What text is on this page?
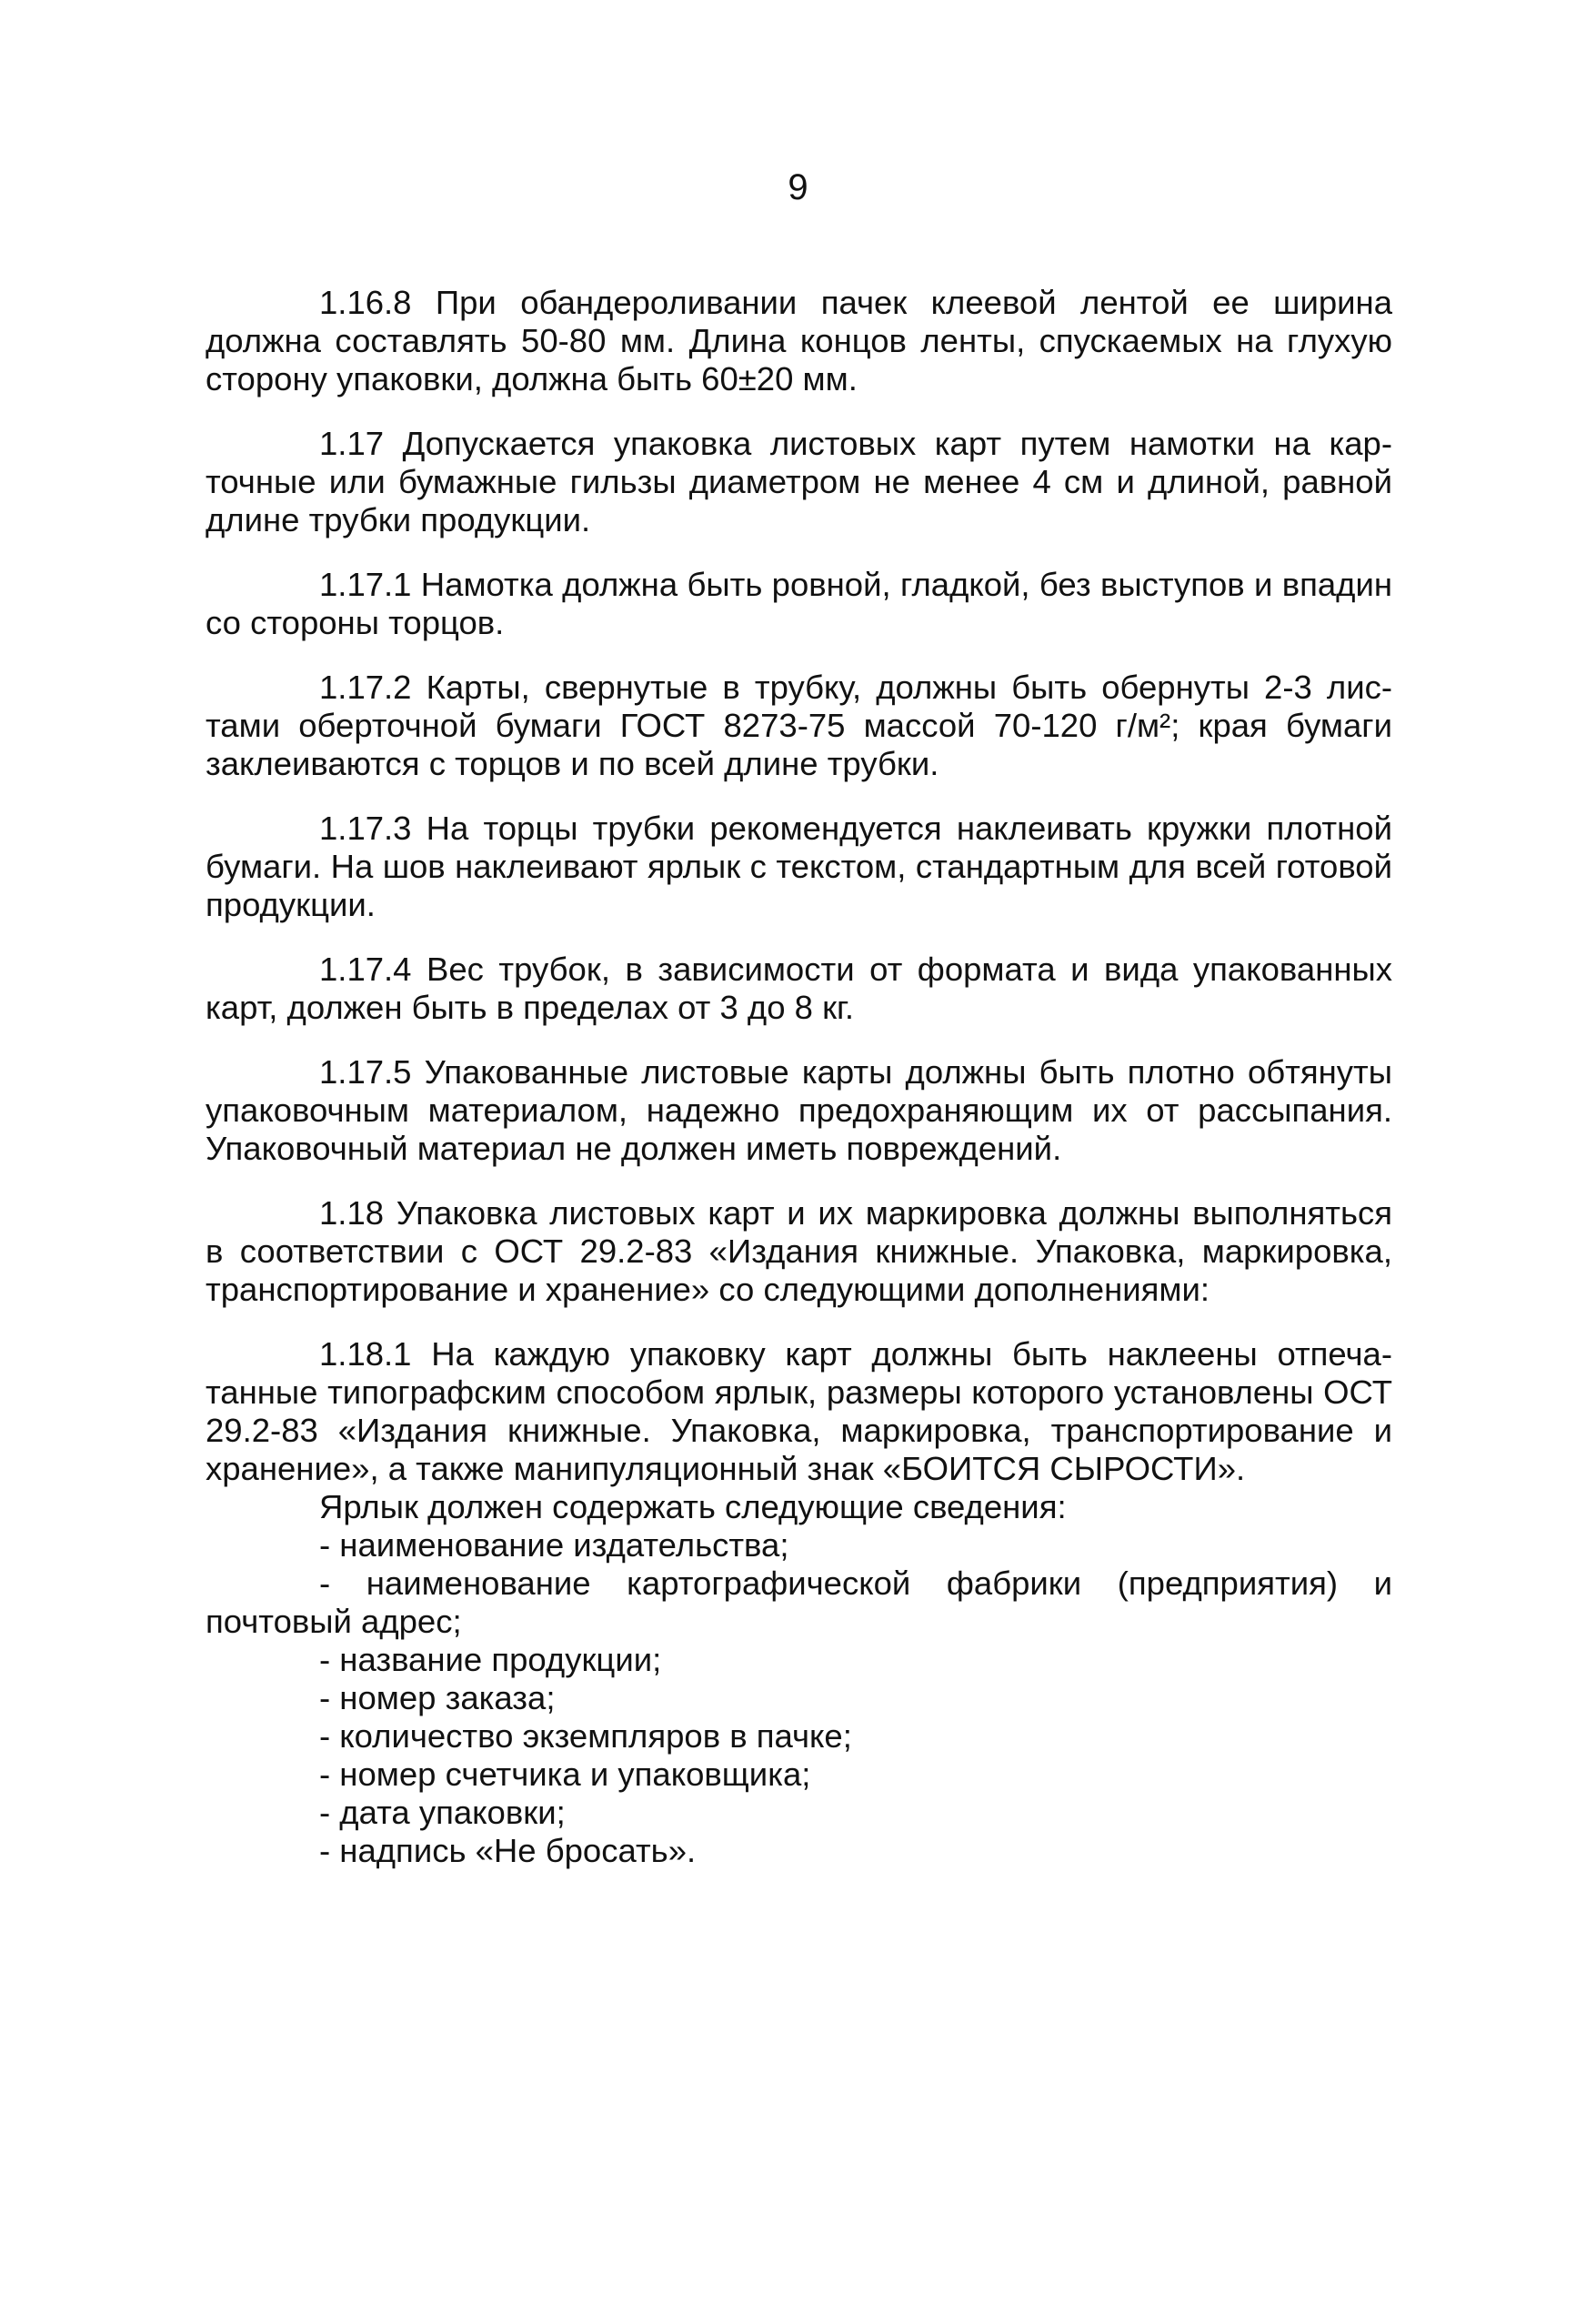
9

1.16.8 При обандероливании пачек клеевой лентой ее ширина должна составлять 50-80 мм. Длина концов ленты, спускаемых на глухую сторону упаковки, должна быть 60±20 мм.

1.17 Допускается упаковка листовых карт путем намотки на карточные или бумажные гильзы диаметром не менее 4 см и длиной, равной длине трубки продукции.

1.17.1 Намотка должна быть ровной, гладкой, без выступов и впадин со стороны торцов.

1.17.2 Карты, свернутые в трубку, должны быть обернуты 2-3 листами оберточной бумаги ГОСТ 8273-75 массой 70-120 г/м²; края бумаги заклеиваются с торцов и по всей длине трубки.

1.17.3 На торцы трубки рекомендуется наклеивать кружки плотной бумаги. На шов наклеивают ярлык с текстом, стандартным для всей готовой продукции.

1.17.4 Вес трубок, в зависимости от формата и вида упакованных карт, должен быть в пределах от 3 до 8 кг.

1.17.5 Упакованные листовые карты должны быть плотно обтянуты упаковочным материалом, надежно предохраняющим их от рассыпания. Упаковочный материал не должен иметь повреждений.

1.18 Упаковка листовых карт и их маркировка должны выполняться в соответствии с ОСТ 29.2-83 «Издания книжные. Упаковка, маркировка, транспортирование и хранение» со следующими дополнениями:

1.18.1 На каждую упаковку карт должны быть наклеены отпечатанные типографским способом ярлык, размеры которого установлены ОСТ 29.2-83 «Издания книжные. Упаковка, маркировка, транспортирование и хранение», а также манипуляционный знак «БОИТСЯ СЫРОСТИ».

Ярлык должен содержать следующие сведения:

- наименование издательства;

- наименование картографической фабрики (предприятия) и почтовый адрес;

- название продукции;

- номер заказа;

- количество экземпляров в пачке;

- номер счетчика и упаковщика;

- дата упаковки;

- надпись «Не бросать».
